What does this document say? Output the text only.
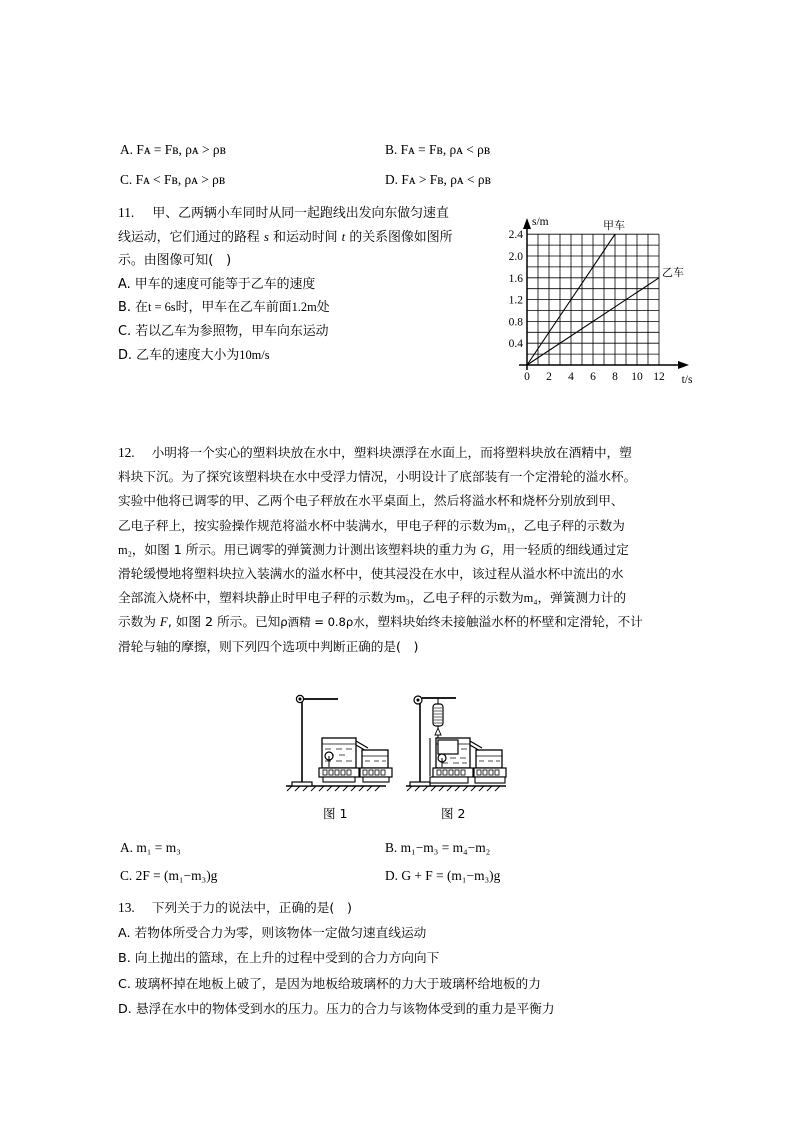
A. Fᴀ = Fʙ, ρᴀ > ρʙ	B. Fᴀ = Fʙ, ρᴀ < ρʙ
C. Fᴀ < Fʙ, ρᴀ > ρʙ	D. Fᴀ > Fʙ, ρᴀ < ρʙ
11. 甲、乙两辆小车同时从同一起跑线出发向东做匀速直
线运动，它们通过的路程 s 和运动时间 t 的关系图像如图所
示。由图像可知(　)
A. 甲车的速度可能等于乙车的速度
B. 在t = 6s时，甲车在乙车前面1.2m处
C. 若以乙车为参照物，甲车向东运动
D. 乙车的速度大小为10m/s
0.4
0.8
1.2
1.6
2.0
2.4
0 2 4 6 8 10 12
甲车
乙车
s/m
t/s
12. 小明将一个实心的塑料块放在水中，塑料块漂浮在水面上，而将塑料块放在酒精中，塑
料块下沉。为了探究该塑料块在水中受浮力情况，小明设计了底部装有一个定滑轮的溢水杯。
实验中他将已调零的甲、乙两个电子秤放在水平桌面上，然后将溢水杯和烧杯分别放到甲、
乙电子秤上，按实验操作规范将溢水杯中装满水，甲电子秤的示数为m₁，乙电子秤的示数为
m₂，如图 1 所示。用已调零的弹簧测力计测出该塑料块的重力为 G，用一轻质的细线通过定
滑轮缓慢地将塑料块拉入装满水的溢水杯中，使其浸没在水中，该过程从溢水杯中流出的水
全部流入烧杯中，塑料块静止时甲电子秤的示数为m₃，乙电子秤的示数为m₄，弹簧测力计的
示数为 F, 如图 2 所示。已知ρ酒精 = 0.8ρ水，塑料块始终未接触溢水杯的杯壁和定滑轮，不计
滑轮与轴的摩擦，则下列四个选项中判断正确的是(　)
图 1	图 2
A. m₁ = m₃	B. m₁−m₃ = m₄−m₂
C. 2F = (m₁−m₃)g	D. G + F = (m₁−m₃)g
13. 下列关于力的说法中，正确的是(　)
A. 若物体所受合力为零，则该物体一定做匀速直线运动
B. 向上抛出的篮球，在上升的过程中受到的合力方向向下
C. 玻璃杯掉在地板上破了，是因为地板给玻璃杯的力大于玻璃杯给地板的力
D. 悬浮在水中的物体受到水的压力。压力的合力与该物体受到的重力是平衡力
